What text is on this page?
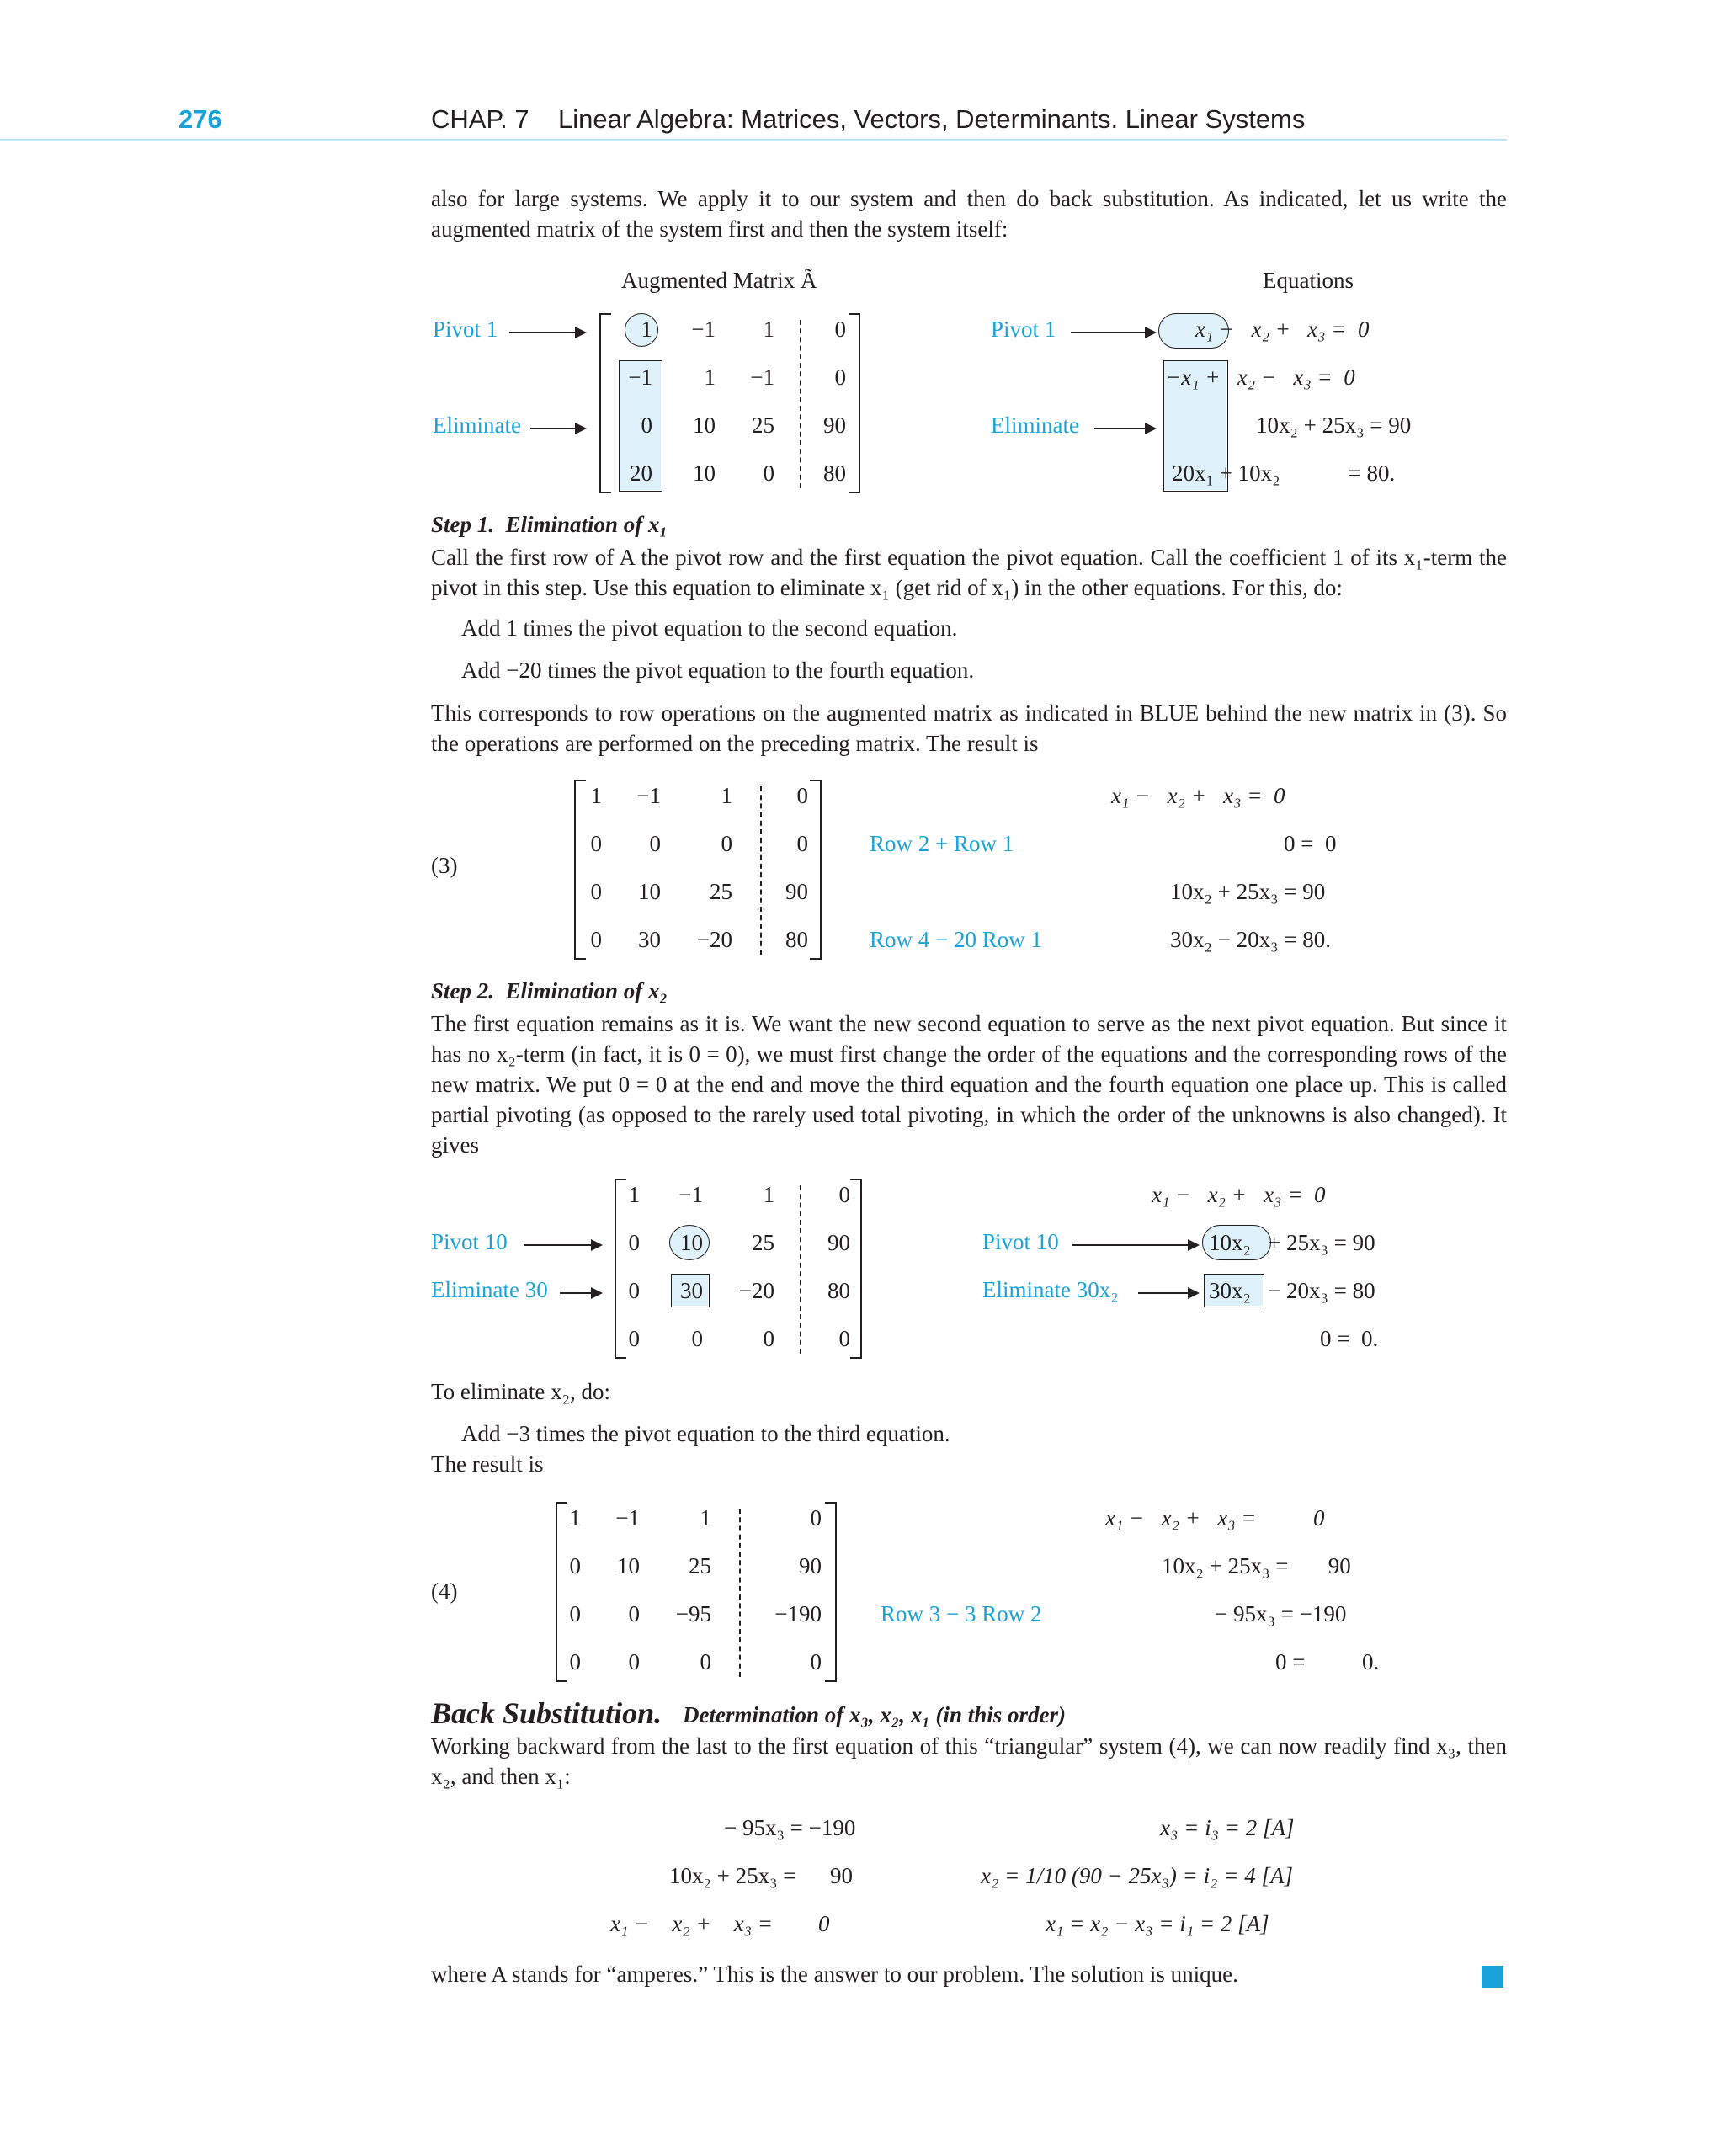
276	CHAP. 7    Linear Algebra: Matrices, Vectors, Determinants. Linear Systems
also for large systems. We apply it to our system and then do back substitution. As indicated, let us write the augmented matrix of the system first and then the system itself:
Augmented Matrix Ã	Equations
Pivot 1
Eliminate
1	−1	1	0
−1	1	−1	0
0	10	25	90
20	10	0	80
Pivot 1
Eliminate
x₁ −   x₂ +   x₃ =  0
−x₁ +   x₂ −   x₃ =  0
10x₂ + 25x₃ = 90
20x₁ + 10x₂            = 80.
Step 1.  Elimination of x₁
Call the first row of A the pivot row and the first equation the pivot equation. Call the coefficient 1 of its x₁-term the pivot in this step. Use this equation to eliminate x₁ (get rid of x₁) in the other equations. For this, do:
Add 1 times the pivot equation to the second equation.
Add −20 times the pivot equation to the fourth equation.
This corresponds to row operations on the augmented matrix as indicated in BLUE behind the new matrix in (3). So the operations are performed on the preceding matrix. The result is
(3)
1	−1	1	0
0	0	0	0
0	10	25	90
0	30	−20	80
Row 2 + Row 1
Row 4 − 20 Row 1
x₁ −   x₂ +   x₃ =  0
0 =  0
10x₂ + 25x₃ = 90
30x₂ − 20x₃ = 80.
Step 2.  Elimination of x₂
The first equation remains as it is. We want the new second equation to serve as the next pivot equation. But since it has no x₂-term (in fact, it is 0 = 0), we must first change the order of the equations and the corresponding rows of the new matrix. We put 0 = 0 at the end and move the third equation and the fourth equation one place up. This is called partial pivoting (as opposed to the rarely used total pivoting, in which the order of the unknowns is also changed). It gives
Pivot 10
Eliminate 30
1	−1	1	0
0	10	25	90
0	30	−20	80
0	0	0	0
Pivot 10
Eliminate 30x₂
x₁ −   x₂ +   x₃ =  0
10x₂ + 25x₃ = 90
30x₂ − 20x₃ = 80
0 =  0.
To eliminate x₂, do:
Add −3 times the pivot equation to the third equation.
The result is
(4)
1	−1	1	0
0	10	25	90
0	0	−95	−190
0	0	0	0
Row 3 − 3 Row 2
x₁ −   x₂ +   x₃ =          0
10x₂ + 25x₃ =       90
− 95x₃ = −190
0 =          0.
Back Substitution. Determination of x₃, x₂, x₁ (in this order)
Working backward from the last to the first equation of this “triangular” system (4), we can now readily find x₃, then x₂, and then x₁:
− 95x₃ = −190
10x₂ + 25x₃ =      90
x₁ −    x₂ +    x₃ =        0
x₃ = i₃ = 2 [A]
x₂ = 1/10 (90 − 25x₃) = i₂ = 4 [A]
x₁ = x₂ − x₃ = i₁ = 2 [A]
where A stands for “amperes.” This is the answer to our problem. The solution is unique.
